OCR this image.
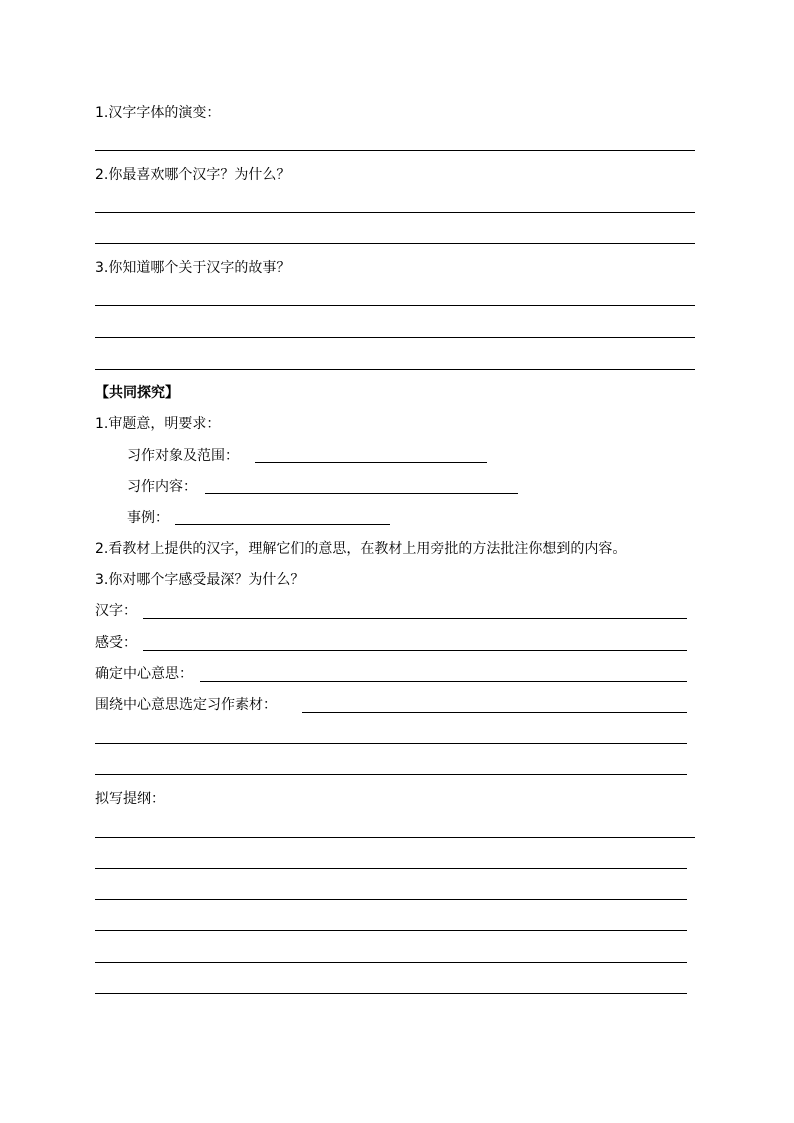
1.汉字字体的演变：
2.你最喜欢哪个汉字？为什么？
3.你知道哪个关于汉字的故事？
【共同探究】
1.审题意，明要求：
习作对象及范围：
习作内容：
事例：
2.看教材上提供的汉字，理解它们的意思，在教材上用旁批的方法批注你想到的内容。
3.你对哪个字感受最深？为什么？
汉字：
感受：
确定中心意思：
围绕中心意思选定习作素材：
拟写提纲：
